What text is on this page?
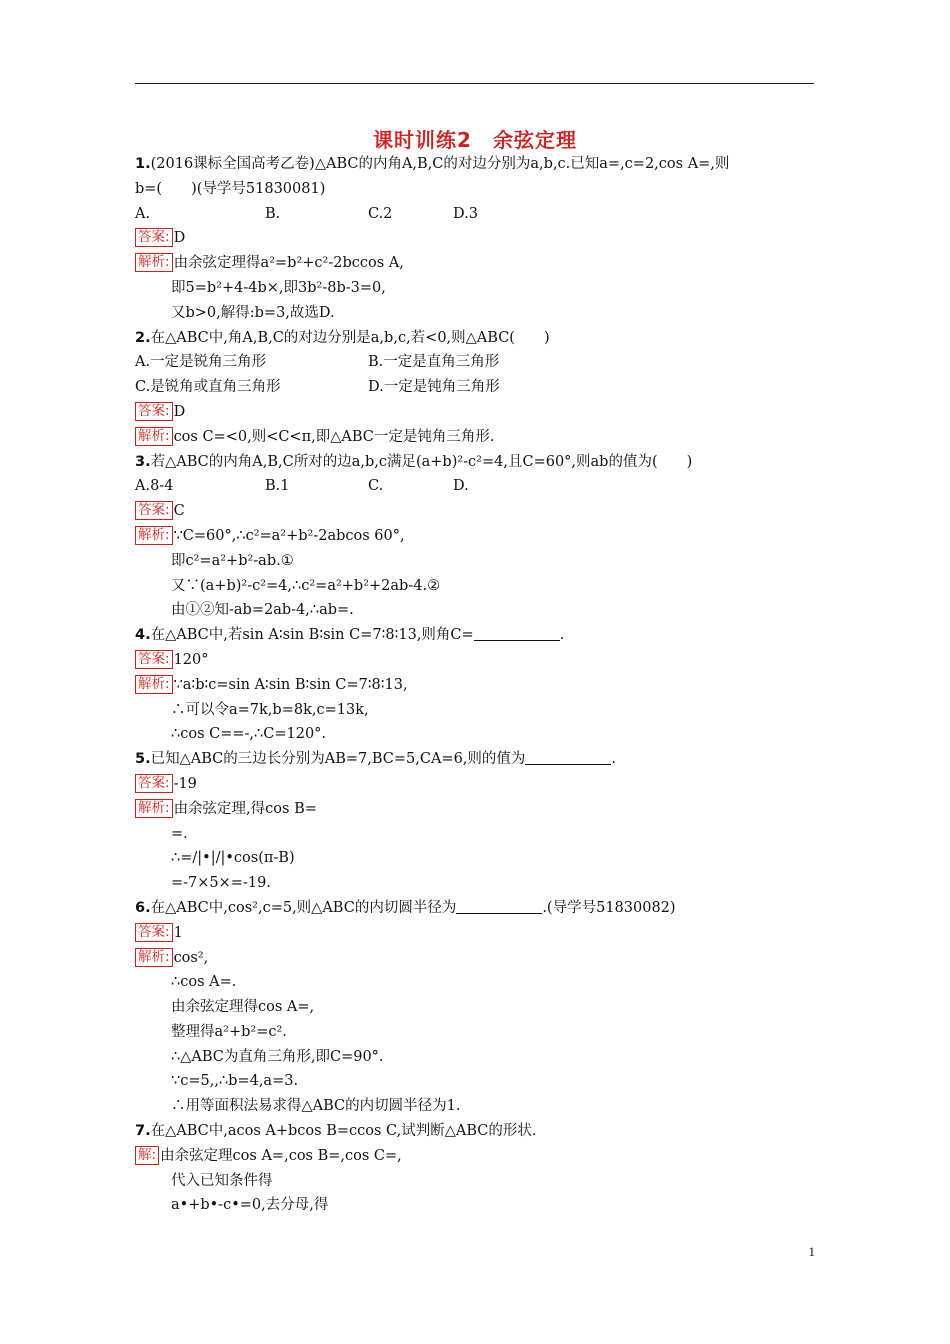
课时训练2　余弦定理
1.(2016课标全国高考乙卷)△ABC的内角A,B,C的对边分别为a,b,c.已知a=,c=2,cos A=,则
b=(　　)(导学号51830081)
A.	B.	C.2	D.3
答案: D
解析: 由余弦定理得a²=b²+c²-2bccos A,
即5=b²+4-4b×,即3b²-8b-3=0,
又b>0,解得:b=3,故选D.
2.在△ABC中,角A,B,C的对边分别是a,b,c,若<0,则△ABC(　　)
A.一定是锐角三角形	B.一定是直角三角形
C.是锐角或直角三角形	D.一定是钝角三角形
答案: D
解析: cos C=<0,则<C<π,即△ABC一定是钝角三角形.
3.若△ABC的内角A,B,C所对的边a,b,c满足(a+b)²-c²=4,且C=60°,则ab的值为(　　)
A.8-4	B.1	C.	D.
答案: C
解析: ∵C=60°,∴c²=a²+b²-2abcos 60°,
即c²=a²+b²-ab.①
又∵(a+b)²-c²=4,∴c²=a²+b²+2ab-4.②
由①②知-ab=2ab-4,∴ab=.
4.在△ABC中,若sin A∶sin B∶sin C=7∶8∶13,则角C=	.
答案: 120°
解析: ∵a∶b∶c=sin A∶sin B∶sin C=7∶8∶13,
∴可以令a=7k,b=8k,c=13k,
∴cos C==-,∴C=120°.
5.已知△ABC的三边长分别为AB=7,BC=5,CA=6,则的值为	.
答案: -19
解析: 由余弦定理,得cos B=
=.
∴=/|•|/|•cos(π-B)
=-7×5×=-19.
6.在△ABC中,cos²,c=5,则△ABC的内切圆半径为	.(导学号51830082)
答案: 1
解析: cos²,
∴cos A=.
由余弦定理得cos A=,
整理得a²+b²=c².
∴△ABC为直角三角形,即C=90°.
∵c=5,,∴b=4,a=3.
∴用等面积法易求得△ABC的内切圆半径为1.
7.在△ABC中,acos A+bcos B=ccos C,试判断△ABC的形状.
解: 由余弦定理cos A=,cos B=,cos C=,
代入已知条件得
a•+b•-c•=0,去分母,得
1
